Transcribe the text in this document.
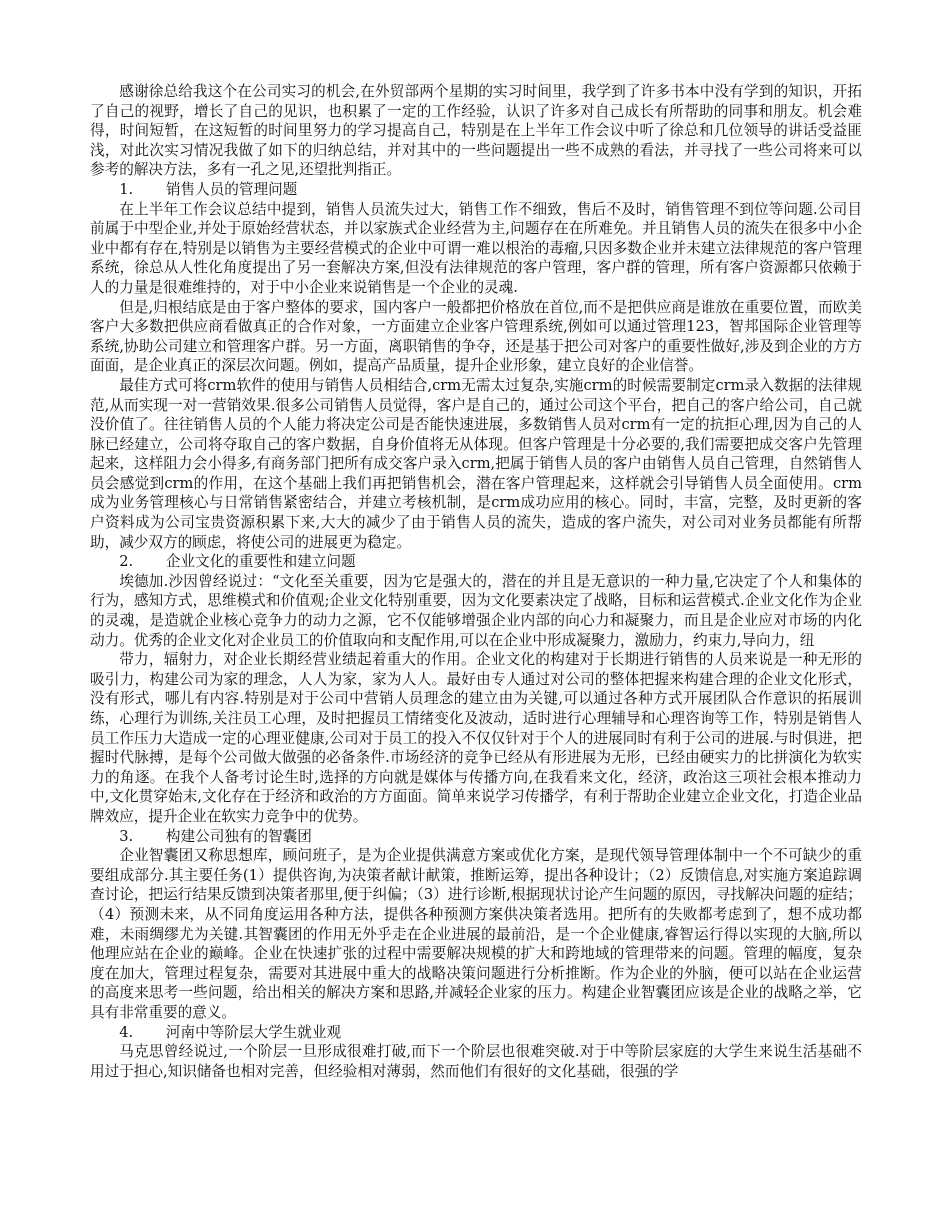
感谢徐总给我这个在公司实习的机会,在外贸部两个星期的实习时间里，我学到了许多书本中没有学到的知识，开拓了自己的视野，增长了自己的见识，也积累了一定的工作经验，认识了许多对自己成长有所帮助的同事和朋友。机会难得，时间短暂，在这短暂的时间里努力的学习提高自己，特别是在上半年工作会议中听了徐总和几位领导的讲话受益匪浅，对此次实习情况我做了如下的归纳总结，并对其中的一些问题提出一些不成熟的看法，并寻找了一些公司将来可以参考的解决方法，多有一孔之见,还望批判指正。

1. 销售人员的管理问题

在上半年工作会议总结中提到，销售人员流失过大，销售工作不细致，售后不及时，销售管理不到位等问题.公司目前属于中型企业,并处于原始经营状态，并以家族式企业经营为主,问题存在在所难免。并且销售人员的流失在很多中小企业中都有存在,特别是以销售为主要经营模式的企业中可谓一难以根治的毒瘤,只因多数企业并未建立法律规范的客户管理系统，徐总从人性化角度提出了另一套解决方案,但没有法律规范的客户管理，客户群的管理，所有客户资源都只依赖于人的力量是很难维持的，对于中小企业来说销售是一个企业的灵魂.

但是,归根结底是由于客户整体的要求，国内客户一般都把价格放在首位,而不是把供应商是谁放在重要位置，而欧美客户大多数把供应商看做真正的合作对象，一方面建立企业客户管理系统,例如可以通过管理123，智邦国际企业管理等系统,协助公司建立和管理客户群。另一方面，离职销售的争夺，还是基于把公司对客户的重要性做好,涉及到企业的方方面面，是企业真正的深层次问题。例如，提高产品质量，提升企业形象，建立良好的企业信誉。

最佳方式可将crm软件的使用与销售人员相结合,crm无需太过复杂,实施crm的时候需要制定crm录入数据的法律规范,从而实现一对一营销效果.很多公司销售人员觉得，客户是自己的，通过公司这个平台，把自己的客户给公司，自己就没价值了。往往销售人员的个人能力将决定公司是否能快速进展，多数销售人员对crm有一定的抗拒心理,因为自己的人脉已经建立，公司将夺取自己的客户数据，自身价值将无从体现。但客户管理是十分必要的,我们需要把成交客户先管理起来，这样阻力会小得多,有商务部门把所有成交客户录入crm,把属于销售人员的客户由销售人员自己管理，自然销售人员会感觉到crm的作用，在这个基础上我们再把销售机会，潜在客户管理起来，这样就会引导销售人员全面使用。crm成为业务管理核心与日常销售紧密结合，并建立考核机制，是crm成功应用的核心。同时，丰富，完整，及时更新的客户资料成为公司宝贵资源积累下来,大大的减少了由于销售人员的流失，造成的客户流失，对公司对业务员都能有所帮助，减少双方的顾虑，将使公司的进展更为稳定。

2. 企业文化的重要性和建立问题

埃德加.沙因曾经说过：“文化至关重要，因为它是强大的，潜在的并且是无意识的一种力量,它决定了个人和集体的行为，感知方式，思维模式和价值观;企业文化特别重要，因为文化要素决定了战略，目标和运营模式.企业文化作为企业的灵魂，是造就企业核心竞争力的动力之源，它不仅能够增强企业内部的向心力和凝聚力，而且是企业应对市场的内化动力。优秀的企业文化对企业员工的价值取向和支配作用,可以在企业中形成凝聚力，激励力，约束力,导向力，纽

带力，辐射力，对企业长期经营业绩起着重大的作用。企业文化的构建对于长期进行销售的人员来说是一种无形的吸引力，构建公司为家的理念，人人为家，家为人人。最好由专人通过对公司的整体把握来构建合理的企业文化形式，没有形式，哪儿有内容.特别是对于公司中营销人员理念的建立由为关键,可以通过各种方式开展团队合作意识的拓展训练，心理行为训练,关注员工心理，及时把握员工情绪变化及波动，适时进行心理辅导和心理咨询等工作，特别是销售人员工作压力大造成一定的心理亚健康,公司对于员工的投入不仅仅针对于个人的进展同时有利于公司的进展.与时俱进，把握时代脉搏，是每个公司做大做强的必备条件.市场经济的竞争已经从有形进展为无形，已经由硬实力的比拼演化为软实力的角逐。在我个人备考讨论生时,选择的方向就是媒体与传播方向,在我看来文化，经济，政治这三项社会根本推动力中,文化贯穿始末,文化存在于经济和政治的方方面面。简单来说学习传播学，有利于帮助企业建立企业文化，打造企业品牌效应，提升企业在软实力竞争中的优势。

3. 构建公司独有的智囊团

企业智囊团又称思想库，顾问班子，是为企业提供满意方案或优化方案，是现代领导管理体制中一个不可缺少的重要组成部分.其主要任务(1）提供咨询,为决策者献计献策，推断运筹，提出各种设计；（2）反馈信息,对实施方案追踪调查讨论，把运行结果反馈到决策者那里,便于纠偏；（3）进行诊断,根据现状讨论产生问题的原因，寻找解决问题的症结；（4）预测未来，从不同角度运用各种方法，提供各种预测方案供决策者选用。把所有的失败都考虑到了，想不成功都难，未雨绸缪尤为关键.其智囊团的作用无外乎走在企业进展的最前沿，是一个企业健康,睿智运行得以实现的大脑,所以他理应站在企业的巅峰。企业在快速扩张的过程中需要解决规模的扩大和跨地域的管理带来的问题。管理的幅度，复杂度在加大，管理过程复杂，需要对其进展中重大的战略决策问题进行分析推断。作为企业的外脑，便可以站在企业运营的高度来思考一些问题，给出相关的解决方案和思路,并减轻企业家的压力。构建企业智囊团应该是企业的战略之举，它具有非常重要的意义。

4. 河南中等阶层大学生就业观

马克思曾经说过,一个阶层一旦形成很难打破,而下一个阶层也很难突破.对于中等阶层家庭的大学生来说生活基础不用过于担心,知识储备也相对完善，但经验相对薄弱，然而他们有很好的文化基础，很强的学
